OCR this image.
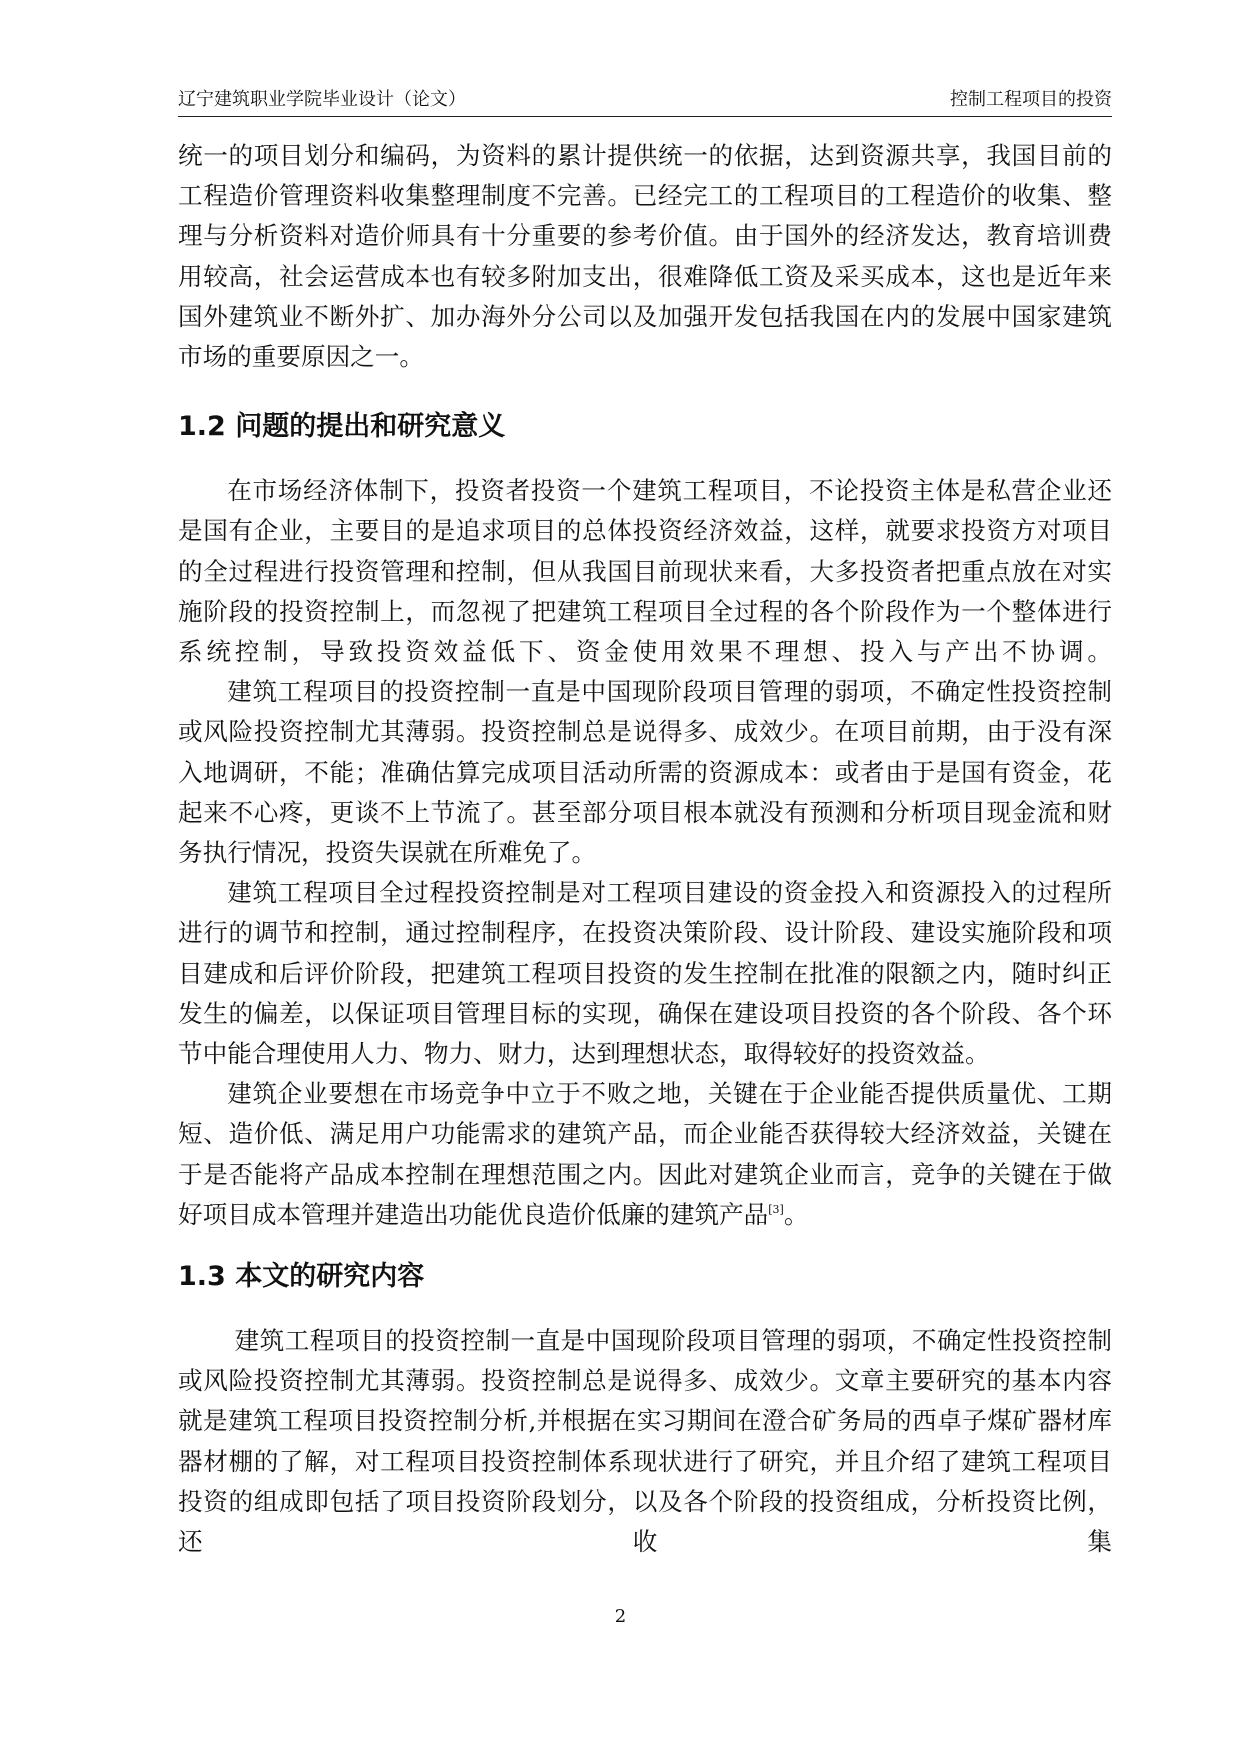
辽宁建筑职业学院毕业设计（论文）	控制工程项目的投资

统一的项目划分和编码，为资料的累计提供统一的依据，达到资源共享，我国目前的工程造价管理资料收集整理制度不完善。已经完工的工程项目的工程造价的收集、整理与分析资料对造价师具有十分重要的参考价值。由于国外的经济发达，教育培训费用较高，社会运营成本也有较多附加支出，很难降低工资及采买成本，这也是近年来国外建筑业不断外扩、加办海外分公司以及加强开发包括我国在内的发展中国家建筑市场的重要原因之一。

1.2 问题的提出和研究意义

在市场经济体制下，投资者投资一个建筑工程项目，不论投资主体是私营企业还是国有企业，主要目的是追求项目的总体投资经济效益，这样，就要求投资方对项目的全过程进行投资管理和控制，但从我国目前现状来看，大多投资者把重点放在对实施阶段的投资控制上，而忽视了把建筑工程项目全过程的各个阶段作为一个整体进行系统控制，导致投资效益低下、资金使用效果不理想、投入与产出不协调。

建筑工程项目的投资控制一直是中国现阶段项目管理的弱项，不确定性投资控制或风险投资控制尤其薄弱。投资控制总是说得多、成效少。在项目前期，由于没有深入地调研，不能；准确估算完成项目活动所需的资源成本：或者由于是国有资金，花起来不心疼，更谈不上节流了。甚至部分项目根本就没有预测和分析项目现金流和财务执行情况，投资失误就在所难免了。

建筑工程项目全过程投资控制是对工程项目建设的资金投入和资源投入的过程所进行的调节和控制，通过控制程序，在投资决策阶段、设计阶段、建设实施阶段和项目建成和后评价阶段，把建筑工程项目投资的发生控制在批准的限额之内，随时纠正发生的偏差，以保证项目管理目标的实现，确保在建设项目投资的各个阶段、各个环节中能合理使用人力、物力、财力，达到理想状态，取得较好的投资效益。

建筑企业要想在市场竞争中立于不败之地，关键在于企业能否提供质量优、工期短、造价低、满足用户功能需求的建筑产品，而企业能否获得较大经济效益，关键在于是否能将产品成本控制在理想范围之内。因此对建筑企业而言，竞争的关键在于做好项目成本管理并建造出功能优良造价低廉的建筑产品[3]。

1.3 本文的研究内容

建筑工程项目的投资控制一直是中国现阶段项目管理的弱项，不确定性投资控制或风险投资控制尤其薄弱。投资控制总是说得多、成效少。文章主要研究的基本内容就是建筑工程项目投资控制分析,并根据在实习期间在澄合矿务局的西卓子煤矿器材库器材棚的了解，对工程项目投资控制体系现状进行了研究，并且介绍了建筑工程项目投资的组成即包括了项目投资阶段划分，以及各个阶段的投资组成，分析投资比例，还收集

2
